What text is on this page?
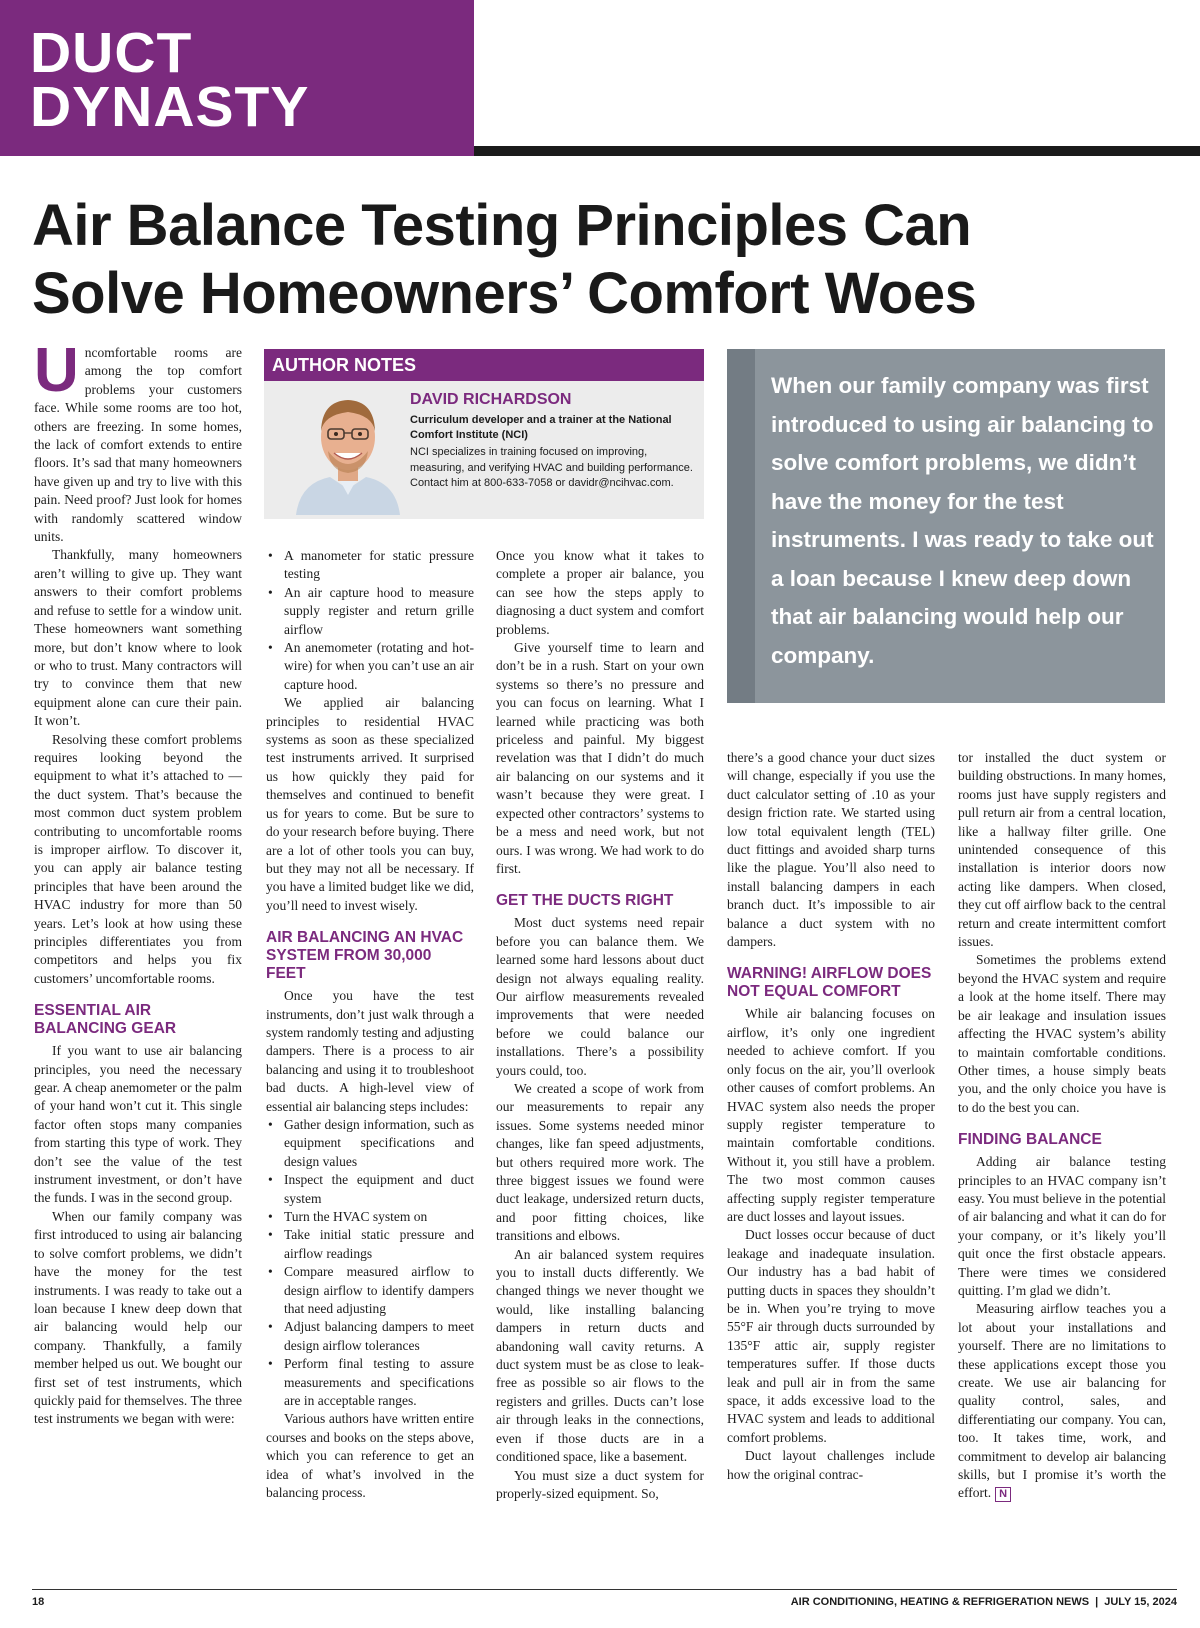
DUCT
DYNASTY
Air Balance Testing Principles Can
Solve Homeowners’ Comfort Woes

Uncomfortable rooms are among the top comfort problems your customers face. While some rooms are too hot, others are freezing. In some homes, the lack of comfort extends to entire floors. It’s sad that many homeowners have given up and try to live with this pain. Need proof? Just look for homes with randomly scattered window units.

Thankfully, many homeowners aren’t willing to give up. They want answers to their comfort problems and refuse to settle for a window unit. These homeowners want something more, but don’t know where to look or who to trust. Many contractors will try to convince them that new equipment alone can cure their pain. It won’t.

Resolving these comfort problems requires looking beyond the equipment to what it’s attached to — the duct system. That’s because the most common duct system problem contributing to uncomfortable rooms is improper airflow. To discover it, you can apply air balance testing principles that have been around the HVAC industry for more than 50 years. Let’s look at how using these principles differentiates you from competitors and helps you fix customers’ uncomfortable rooms.

ESSENTIAL AIR BALANCING GEAR

If you want to use air balancing principles, you need the necessary gear. A cheap anemometer or the palm of your hand won’t cut it. This single factor often stops many companies from starting this type of work. They don’t see the value of the test instrument investment, or don’t have the funds. I was in the second group.

When our family company was first introduced to using air balancing to solve comfort problems, we didn’t have the money for the test instruments. I was ready to take out a loan because I knew deep down that air balancing would help our company. Thankfully, a family member helped us out. We bought our first set of test instruments, which quickly paid for themselves. The three test instruments we began with were:

AUTHOR NOTES
DAVID RICHARDSON
Curriculum developer and a trainer at the National Comfort Institute (NCI)
NCI specializes in training focused on improving, measuring, and verifying HVAC and building performance. Contact him at 800-633-7058 or davidr@ncihvac.com.
When our family company was first introduced to using air balancing to solve comfort problems, we didn’t have the money for the test instruments. I was ready to take out a loan because I knew deep down that air balancing would help our company.
• A manometer for static pressure testing
• An air capture hood to measure supply register and return grille airflow
• An anemometer (rotating and hot-wire) for when you can’t use an air capture hood.

We applied air balancing principles to residential HVAC systems as soon as these specialized test instruments arrived. It surprised us how quickly they paid for themselves and continued to benefit us for years to come. But be sure to do your research before buying. There are a lot of other tools you can buy, but they may not all be necessary. If you have a limited budget like we did, you’ll need to invest wisely.

AIR BALANCING AN HVAC SYSTEM FROM 30,000 FEET

Once you have the test instruments, don’t just walk through a system randomly testing and adjusting dampers. There is a process to air balancing and using it to troubleshoot bad ducts. A high-level view of essential air balancing steps includes:

• Gather design information, such as equipment specifications and design values
• Inspect the equipment and duct system
• Turn the HVAC system on
• Take initial static pressure and airflow readings
• Compare measured airflow to design airflow to identify dampers that need adjusting
• Adjust balancing dampers to meet design airflow tolerances
• Perform final testing to assure measurements and specifications are in acceptable ranges.

Various authors have written entire courses and books on the steps above, which you can reference to get an idea of what’s involved in the balancing process.

Once you know what it takes to complete a proper air balance, you can see how the steps apply to diagnosing a duct system and comfort problems.

Give yourself time to learn and don’t be in a rush. Start on your own systems so there’s no pressure and you can focus on learning. What I learned while practicing was both priceless and painful. My biggest revelation was that I didn’t do much air balancing on our systems and it wasn’t because they were great. I expected other contractors’ systems to be a mess and need work, but not ours. I was wrong. We had work to do first.

GET THE DUCTS RIGHT

Most duct systems need repair before you can balance them. We learned some hard lessons about duct design not always equaling reality. Our airflow measurements revealed improvements that were needed before we could balance our installations. There’s a possibility yours could, too.

We created a scope of work from our measurements to repair any issues. Some systems needed minor changes, like fan speed adjustments, but others required more work. The three biggest issues we found were duct leakage, undersized return ducts, and poor fitting choices, like transitions and elbows.

An air balanced system requires you to install ducts differently. We changed things we never thought we would, like installing balancing dampers in return ducts and abandoning wall cavity returns. A duct system must be as close to leak-free as possible so air flows to the registers and grilles. Ducts can’t lose air through leaks in the connections, even if those ducts are in a conditioned space, like a basement.

You must size a duct system for properly-sized equipment. So,

there’s a good chance your duct sizes will change, especially if you use the duct calculator setting of .10 as your design friction rate. We started using low total equivalent length (TEL) duct fittings and avoided sharp turns like the plague. You’ll also need to install balancing dampers in each branch duct. It’s impossible to air balance a duct system with no dampers.

WARNING! AIRFLOW DOES NOT EQUAL COMFORT

While air balancing focuses on airflow, it’s only one ingredient needed to achieve comfort. If you only focus on the air, you’ll overlook other causes of comfort problems. An HVAC system also needs the proper supply register temperature to maintain comfortable conditions. Without it, you still have a problem. The two most common causes affecting supply register temperature are duct losses and layout issues.

Duct losses occur because of duct leakage and inadequate insulation. Our industry has a bad habit of putting ducts in spaces they shouldn’t be in. When you’re trying to move 55°F air through ducts surrounded by 135°F attic air, supply register temperatures suffer. If those ducts leak and pull air in from the same space, it adds excessive load to the HVAC system and leads to additional comfort problems.

Duct layout challenges include how the original contrac-

tor installed the duct system or building obstructions. In many homes, rooms just have supply registers and pull return air from a central location, like a hallway filter grille. One unintended consequence of this installation is interior doors now acting like dampers. When closed, they cut off airflow back to the central return and create intermittent comfort issues.

Sometimes the problems extend beyond the HVAC system and require a look at the home itself. There may be air leakage and insulation issues affecting the HVAC system’s ability to maintain comfortable conditions. Other times, a house simply beats you, and the only choice you have is to do the best you can.

FINDING BALANCE

Adding air balance testing principles to an HVAC company isn’t easy. You must believe in the potential of air balancing and what it can do for your company, or it’s likely you’ll quit once the first obstacle appears. There were times we considered quitting. I’m glad we didn’t.

Measuring airflow teaches you a lot about your installations and yourself. There are no limitations to these applications except those you create. We use air balancing for quality control, sales, and differentiating our company. You can, too. It takes time, work, and commitment to develop air balancing skills, but I promise it’s worth the effort. N

18	AIR CONDITIONING, HEATING & REFRIGERATION NEWS | JULY 15, 2024
